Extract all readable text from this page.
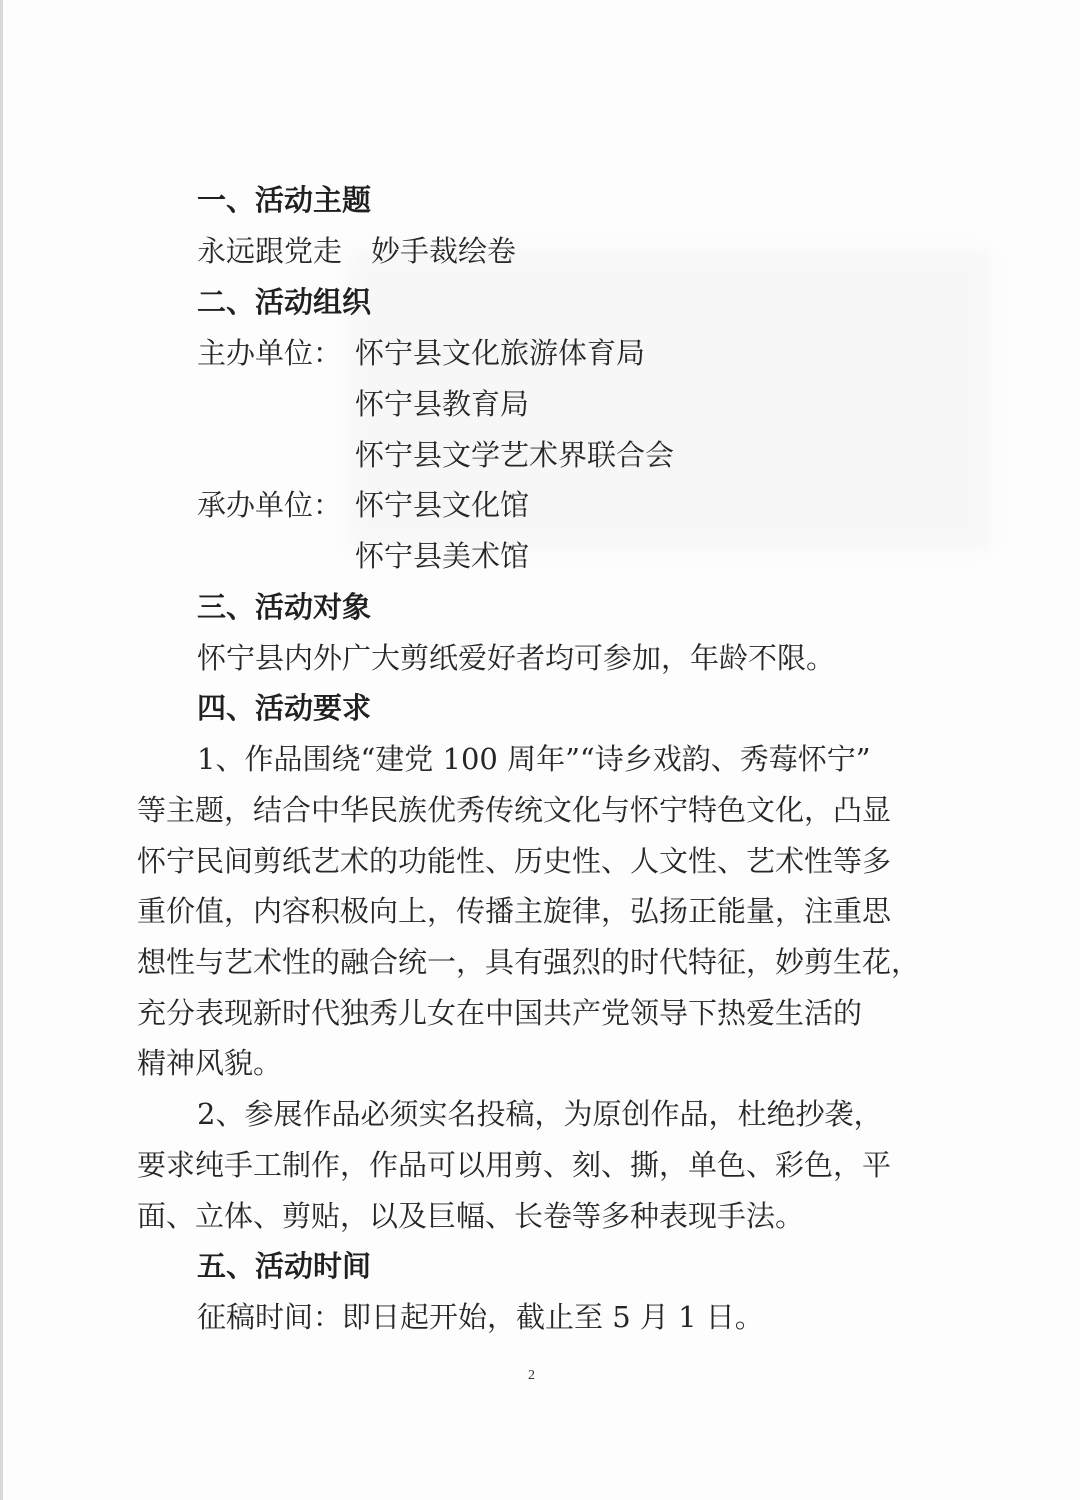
一、活动主题
永远跟党走　妙手裁绘卷
二、活动组织
主办单位： 怀宁县文化旅游体育局
怀宁县教育局
怀宁县文学艺术界联合会
承办单位： 怀宁县文化馆
怀宁县美术馆
三、活动对象
怀宁县内外广大剪纸爱好者均可参加，年龄不限。
四、活动要求
1、作品围绕“建党 100 周年”“诗乡戏韵、秀莓怀宁”
等主题，结合中华民族优秀传统文化与怀宁特色文化，凸显
怀宁民间剪纸艺术的功能性、历史性、人文性、艺术性等多
重价值，内容积极向上，传播主旋律，弘扬正能量，注重思
想性与艺术性的融合统一，具有强烈的时代特征，妙剪生花，
充分表现新时代独秀儿女在中国共产党领导下热爱生活的
精神风貌。
2、参展作品必须实名投稿，为原创作品，杜绝抄袭，
要求纯手工制作，作品可以用剪、刻、撕，单色、彩色，平
面、立体、剪贴，以及巨幅、长卷等多种表现手法。
五、活动时间
征稿时间：即日起开始，截止至 5 月 1 日。
2
